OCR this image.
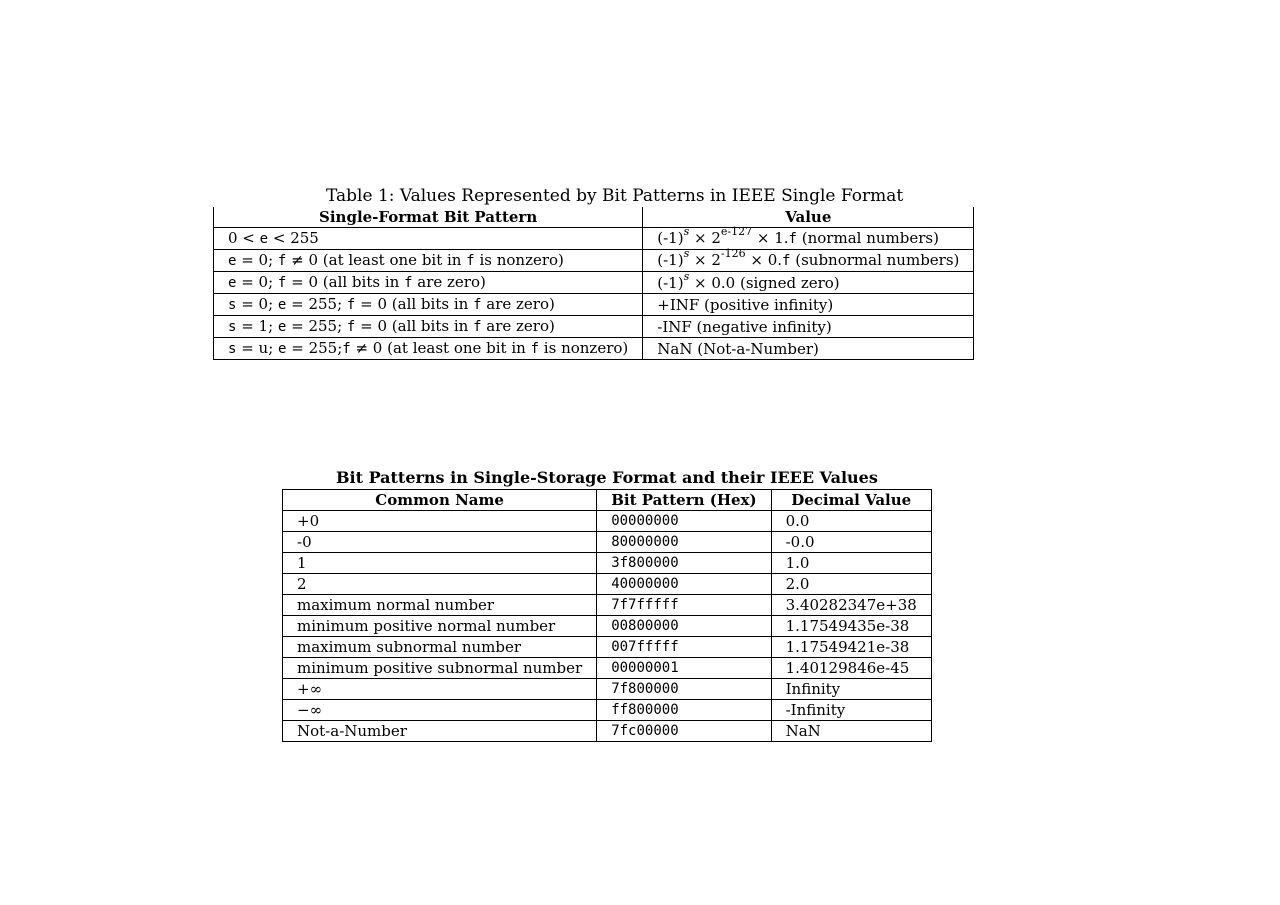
Table 1: Values Represented by Bit Patterns in IEEE Single Format
Single-Format Bit Pattern	Value
0 < e < 255	$(-1)^s \times 2^{e-127} \times 1.f$ (normal numbers)
e = 0; f ≠ 0 (at least one bit in f is nonzero)	$(-1)^s \times 2^{-126} \times 0.f$ (subnormal numbers)
e = 0; f = 0 (all bits in f are zero)	$(-1)^s \times 0.0$ (signed zero)
s = 0; e = 255; f = 0 (all bits in f are zero)	+INF (positive infinity)
s = 1; e = 255; f = 0 (all bits in f are zero)	-INF (negative infinity)
s = u; e = 255;f ≠ 0 (at least one bit in f is nonzero)	NaN (Not-a-Number)
Bit Patterns in Single-Storage Format and their IEEE Values
Common Name	Bit Pattern (Hex)	Decimal Value
+0	00000000	0.0
-0	80000000	-0.0
1	3f800000	1.0
2	40000000	2.0
maximum normal number	7f7fffff	3.40282347e+38
minimum positive normal number	00800000	1.17549435e-38
maximum subnormal number	007fffff	1.17549421e-38
minimum positive subnormal number	00000001	1.40129846e-45
+∞	7f800000	Infinity
−∞	ff800000	-Infinity
Not-a-Number	7fc00000	NaN
